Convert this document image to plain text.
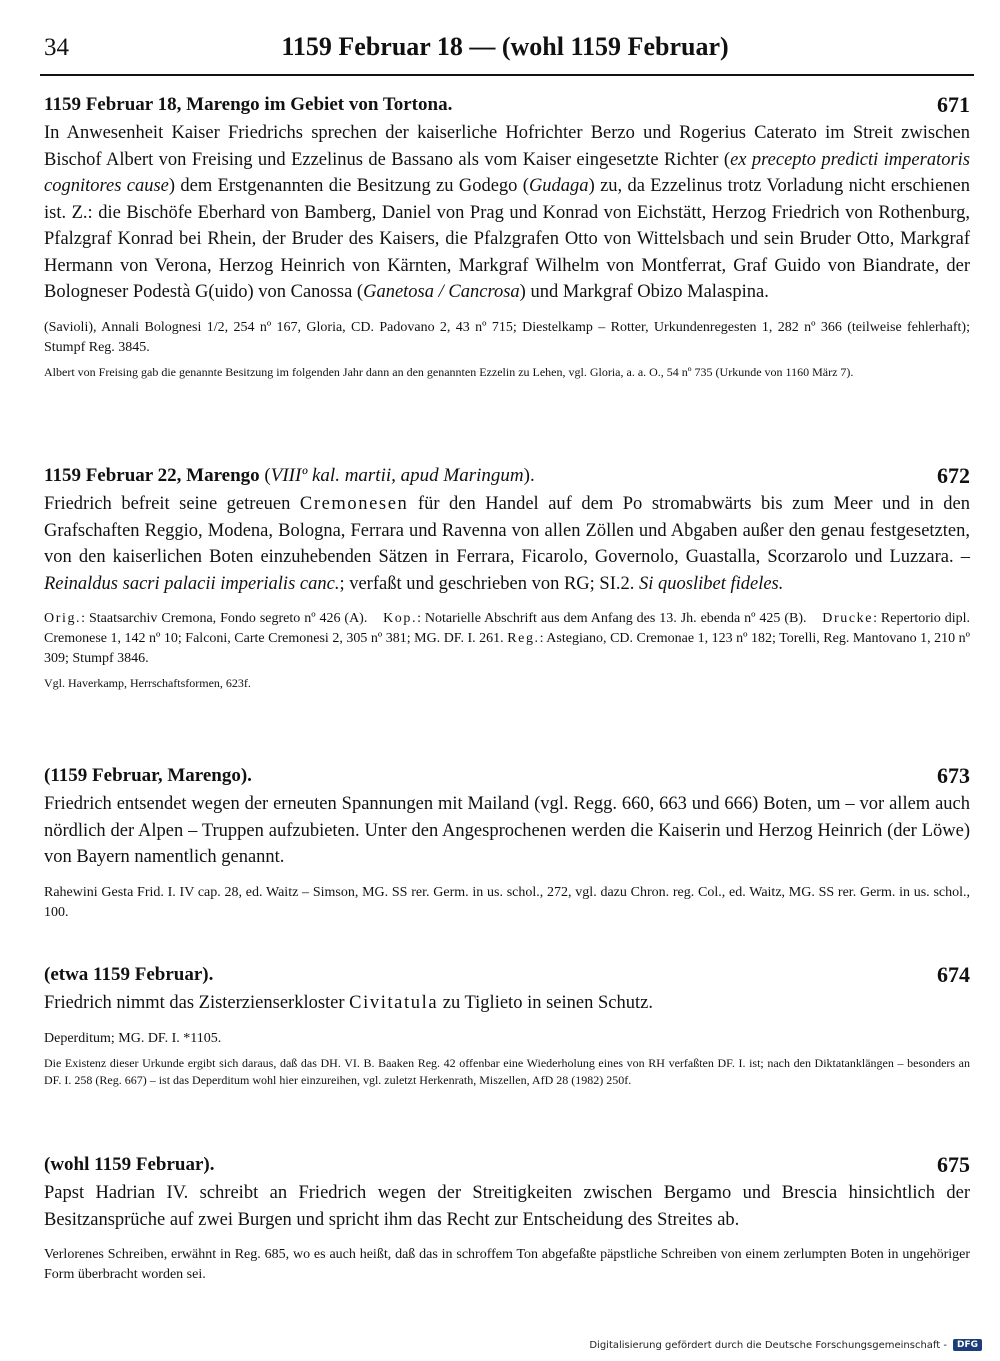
34	1159 Februar 18 — (wohl 1159 Februar)
1159 Februar 18, Marengo im Gebiet von Tortona.	671

In Anwesenheit Kaiser Friedrichs sprechen der kaiserliche Hofrichter Berzo und Rogerius Caterato im Streit zwischen Bischof Albert von Freising und Ezzelinus de Bassano als vom Kaiser eingesetzte Richter (ex precepto predicti imperatoris cognitores cause) dem Erstgenannten die Besitzung zu Godego (Gudaga) zu, da Ezzelinus trotz Vorladung nicht erschienen ist. Z.: die Bischöfe Eberhard von Bamberg, Daniel von Prag und Konrad von Eichstätt, Herzog Friedrich von Rothenburg, Pfalzgraf Konrad bei Rhein, der Bruder des Kaisers, die Pfalzgrafen Otto von Wittelsbach und sein Bruder Otto, Markgraf Hermann von Verona, Herzog Heinrich von Kärnten, Markgraf Wilhelm von Montferrat, Graf Guido von Biandrate, der Bologneser Podestà G(uido) von Canossa (Ganetosa / Cancrosa) und Markgraf Obizo Malaspina.

(Savioli), Annali Bolognesi 1/2, 254 nº 167, Gloria, CD. Padovano 2, 43 nº 715; Diestelkamp – Rotter, Urkundenregesten 1, 282 nº 366 (teilweise fehlerhaft); Stumpf Reg. 3845.

Albert von Freising gab die genannte Besitzung im folgenden Jahr dann an den genannten Ezzelin zu Lehen, vgl. Gloria, a. a. O., 54 nº 735 (Urkunde von 1160 März 7).

1159 Februar 22, Marengo (VIIIº kal. martii, apud Maringum).	672

Friedrich befreit seine getreuen Cremonesen für den Handel auf dem Po stromabwärts bis zum Meer und in den Grafschaften Reggio, Modena, Bologna, Ferrara und Ravenna von allen Zöllen und Abgaben außer den genau festgesetzten, von den kaiserlichen Boten einzuhebenden Sätzen in Ferrara, Ficarolo, Governolo, Guastalla, Scorzarolo und Luzzara. – Reinaldus sacri palacii imperialis canc.; verfaßt und geschrieben von RG; SI.2. Si quoslibet fideles.

Orig.: Staatsarchiv Cremona, Fondo segreto nº 426 (A). Kop.: Notarielle Abschrift aus dem Anfang des 13. Jh. ebenda nº 425 (B). Drucke: Repertorio dipl. Cremonese 1, 142 nº 10; Falconi, Carte Cremonesi 2, 305 nº 381; MG. DF. I. 261. Reg.: Astegiano, CD. Cremonae 1, 123 nº 182; Torelli, Reg. Mantovano 1, 210 nº 309; Stumpf 3846.

Vgl. Haverkamp, Herrschaftsformen, 623f.

(1159 Februar, Marengo).	673

Friedrich entsendet wegen der erneuten Spannungen mit Mailand (vgl. Regg. 660, 663 und 666) Boten, um – vor allem auch nördlich der Alpen – Truppen aufzubieten. Unter den Angesprochenen werden die Kaiserin und Herzog Heinrich (der Löwe) von Bayern namentlich genannt.

Rahewini Gesta Frid. I. IV cap. 28, ed. Waitz – Simson, MG. SS rer. Germ. in us. schol., 272, vgl. dazu Chron. reg. Col., ed. Waitz, MG. SS rer. Germ. in us. schol., 100.

(etwa 1159 Februar).	674

Friedrich nimmt das Zisterzienserkloster Civitatula zu Tiglieto in seinen Schutz.

Deperditum; MG. DF. I. *1105.

Die Existenz dieser Urkunde ergibt sich daraus, daß das DH. VI. B. Baaken Reg. 42 offenbar eine Wiederholung eines von RH verfaßten DF. I. ist; nach den Diktatanklängen – besonders an DF. I. 258 (Reg. 667) – ist das Deperditum wohl hier einzureihen, vgl. zuletzt Herkenrath, Miszellen, AfD 28 (1982) 250f.

(wohl 1159 Februar).	675

Papst Hadrian IV. schreibt an Friedrich wegen der Streitigkeiten zwischen Bergamo und Brescia hinsichtlich der Besitzansprüche auf zwei Burgen und spricht ihm das Recht zur Entscheidung des Streites ab.

Verlorenes Schreiben, erwähnt in Reg. 685, wo es auch heißt, daß das in schroffem Ton abgefaßte päpstliche Schreiben von einem zerlumpten Boten in ungehöriger Form überbracht worden sei.

Digitalisierung gefördert durch die Deutsche Forschungsgemeinschaft -	DFG
